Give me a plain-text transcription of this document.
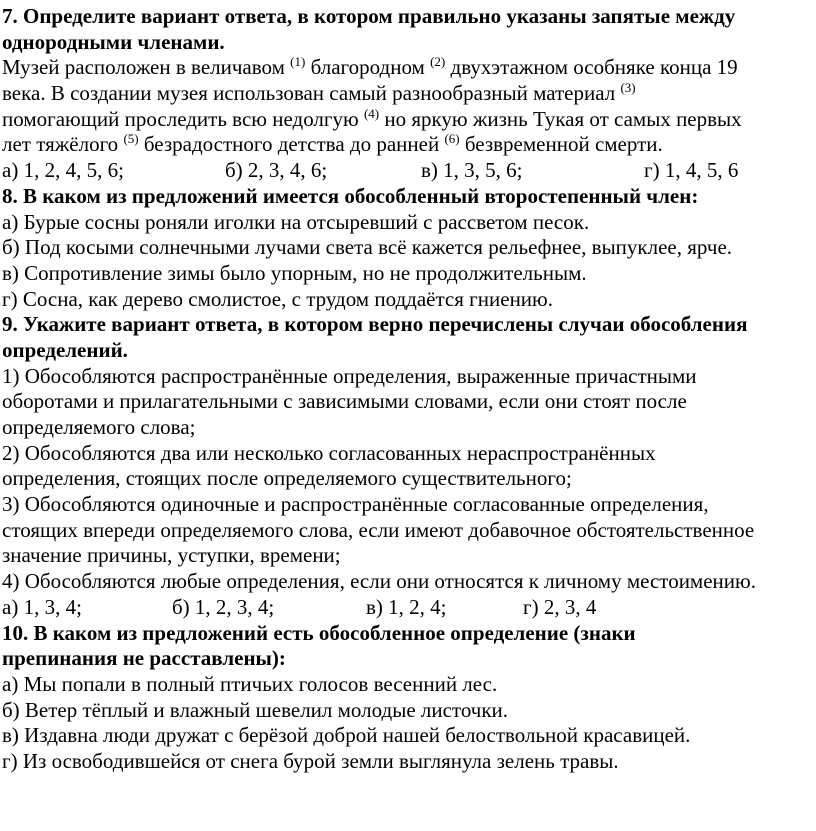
7. Определите вариант ответа, в котором правильно указаны запятые между
однородными членами.
Музей расположен в величавом $^{(1)}$ благородном $^{(2)}$ двухэтажном особняке конца 19
века. В создании музея использован самый разнообразный материал $^{(3)}$
помогающий проследить всю недолгую $^{(4)}$ но яркую жизнь Тукая от самых первых
лет тяжёлого $^{(5)}$ безрадостного детства до ранней $^{(6)}$ безвременной смерти.
а) 1, 2, 4, 5, 6;	б) 2, 3, 4, 6;	в) 1, 3, 5, 6;	г) 1, 4, 5, 6
8. В каком из предложений имеется обособленный второстепенный член:
а) Бурые сосны роняли иголки на отсыревший с рассветом песок.
б) Под косыми солнечными лучами света всё кажется рельефнее, выпуклее, ярче.
в) Сопротивление зимы было упорным, но не продолжительным.
г) Сосна, как дерево смолистое, с трудом поддаётся гниению.
9. Укажите вариант ответа, в котором верно перечислены случаи обособления
определений.
1) Обособляются распространённые определения, выраженные причастными
оборотами и прилагательными с зависимыми словами, если они стоят после
определяемого слова;
2) Обособляются два или несколько согласованных нераспространённых
определения, стоящих после определяемого существительного;
3) Обособляются одиночные и распространённые согласованные определения,
стоящих впереди определяемого слова, если имеют добавочное обстоятельственное
значение причины, уступки, времени;
4) Обособляются любые определения, если они относятся к личному местоимению.
а) 1, 3, 4;	б) 1, 2, 3, 4;	в) 1, 2, 4;	г) 2, 3, 4
10. В каком из предложений есть обособленное определение (знаки
препинания не расставлены):
а) Мы попали в полный птичьих голосов весенний лес.
б) Ветер тёплый и влажный шевелил молодые листочки.
в) Издавна люди дружат с берёзой доброй нашей белоствольной красавицей.
г) Из освободившейся от снега бурой земли выглянула зелень травы.
